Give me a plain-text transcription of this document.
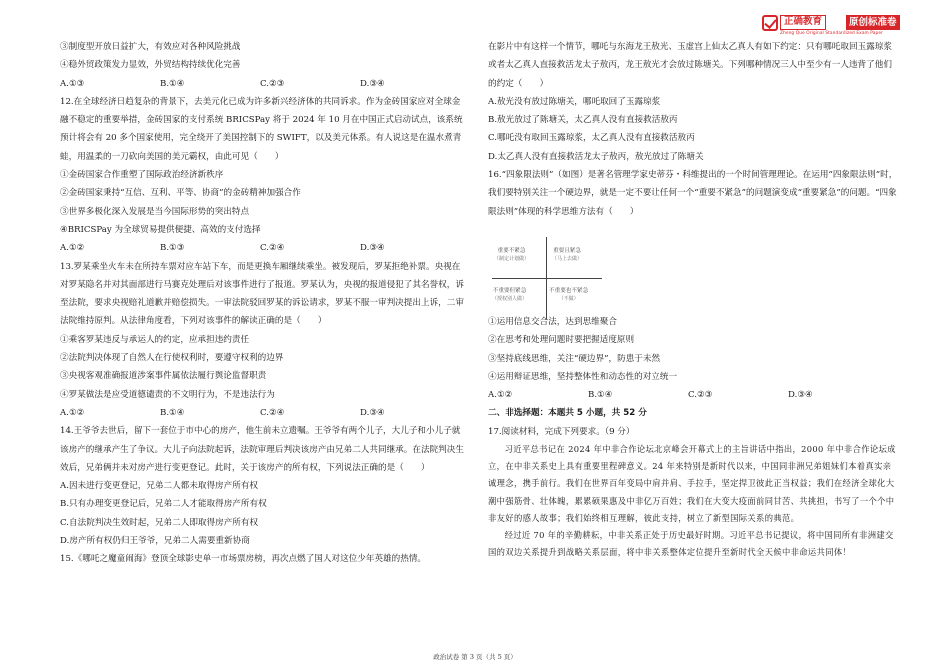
正确教育	原创标准卷
Zheng Que Original Standardized Exam Paper

③制度型开放日益扩大，有效应对各种风险挑战

④稳外贸政策发力显效，外贸结构持续优化完善

A.①③	B.①④	C.②③	D.③④

12.在全球经济日趋复杂的背景下，去美元化已成为许多新兴经济体的共同诉求。作为金砖国家应对全球金融不稳定的重要举措，金砖国家的支付系统 BRICSPay 将于 2024 年 10 月在中国正式启动试点，该系统预计将会有 20 多个国家使用，完全绕开了美国控制下的 SWIFT，以及美元体系。有人说这是在温水煮青蛙，用温柔的一刀砍向美国的美元霸权，由此可见（　　）

①金砖国家合作重塑了国际政治经济新秩序

②金砖国家秉持“互信、互利、平等、协商”的金砖精神加强合作

③世界多极化深入发展是当今国际形势的突出特点

④BRICSPay 为全球贸易提供便捷、高效的支付选择

A.①②	B.①③	C.②④	D.③④

13.罗某乘坐火车未在所持车票对应车站下车，而是更换车厢继续乘坐。被发现后，罗某拒绝补票。央视在对罗某隐名并对其面部进行马赛克处理后对该事件进行了报道。罗某认为，央视的报道侵犯了其名誉权，诉至法院，要求央视赔礼道歉并赔偿损失。一审法院驳回罗某的诉讼请求，罗某不服一审判决提出上诉，二审法院维持原判。从法律角度看，下列对该事件的解读正确的是（　　）

①乘客罗某违反与承运人的约定，应承担违约责任

②法院判决体现了自然人在行使权利时，要遵守权利的边界

③央视客观准确报道涉案事件属依法履行舆论监督职责

④罗某做法是应受道德谴责的不文明行为，不是违法行为

A.①②	B.①④	C.②④	D.③④

14.王爷爷去世后，留下一套位于市中心的房产，他生前未立遗嘱。王爷爷有两个儿子，大儿子和小儿子就该房产的继承产生了争议。大儿子向法院起诉，法院审理后判决该房产由兄弟二人共同继承。在法院判决生效后，兄弟俩并未对房产进行变更登记。此时，关于该房产的所有权，下列说法正确的是（　　）

A.因未进行变更登记，兄弟二人都未取得房产所有权

B.只有办理变更登记后，兄弟二人才能取得房产所有权

C.自法院判决生效时起，兄弟二人即取得房产所有权

D.房产所有权仍归王爷爷，兄弟二人需要重新协商

15.《哪吒之魔童闹海》登顶全球影史单一市场票房榜，再次点燃了国人对这位少年英雄的热情。

在影片中有这样一个情节，哪吒与东海龙王敖光、玉虚宫上仙太乙真人有如下约定：只有哪吒取回玉露琼浆或者太乙真人直接救活龙太子敖丙，龙王敖光才会放过陈塘关。下列哪种情况三人中至少有一人违背了他们的约定（　　）

A.敖光没有放过陈塘关，哪吒取回了玉露琼浆

B.敖光放过了陈塘关，太乙真人没有直接救活敖丙

C.哪吒没有取回玉露琼浆，太乙真人没有直接救活敖丙

D.太乙真人没有直接救活龙太子敖丙，敖光放过了陈塘关

16.“四象限法则”（如图）是著名管理学家史蒂芬・科维提出的一个时间管理理论。在运用“四象限法则”时，我们要特别关注一个硬边界，就是一定不要让任何一个“重要不紧急”的问题演变成“重要紧急”的问题。“四象限法则”体现的科学思维方法有（　　）

①运用信息交合法，达到思维聚合

②在思考和处理问题时要把握适度原则

③坚持底线思维，关注“硬边界”，防患于未然

④运用辩证思维，坚持整体性和动态性的对立统一

A.①②	B.①④	C.②③	D.③④

二、非选择题：本题共 5 小题，共 52 分

17.阅读材料，完成下列要求。（9 分）

习近平总书记在 2024 年中非合作论坛北京峰会开幕式上的主旨讲话中指出，2000 年中非合作论坛成立，在中非关系史上具有重要里程碑意义。24 年来特别是新时代以来，中国同非洲兄弟姐妹们本着真实亲诚理念，携手前行。我们在世界百年变局中肩并肩、手拉手，坚定捍卫彼此正当权益；我们在经济全球化大潮中强筋骨、壮体魄，累累硕果惠及中非亿万百姓；我们在大变大疫面前同甘苦、共挑担，书写了一个个中非友好的感人故事；我们始终相互理解，彼此支持，树立了新型国际关系的典范。

经过近 70 年的辛勤耕耘，中非关系正处于历史最好时期。习近平总书记提议，将中国同所有非洲建交国的双边关系提升到战略关系层面，将中非关系整体定位提升至新时代全天候中非命运共同体！

重要不紧急
（制定计划做）
重要且紧急
（马上去做）
不重要但紧急
（授权别人做）
不重要也不紧急
（不做）
政治试卷 第 3 页（共 5 页）
